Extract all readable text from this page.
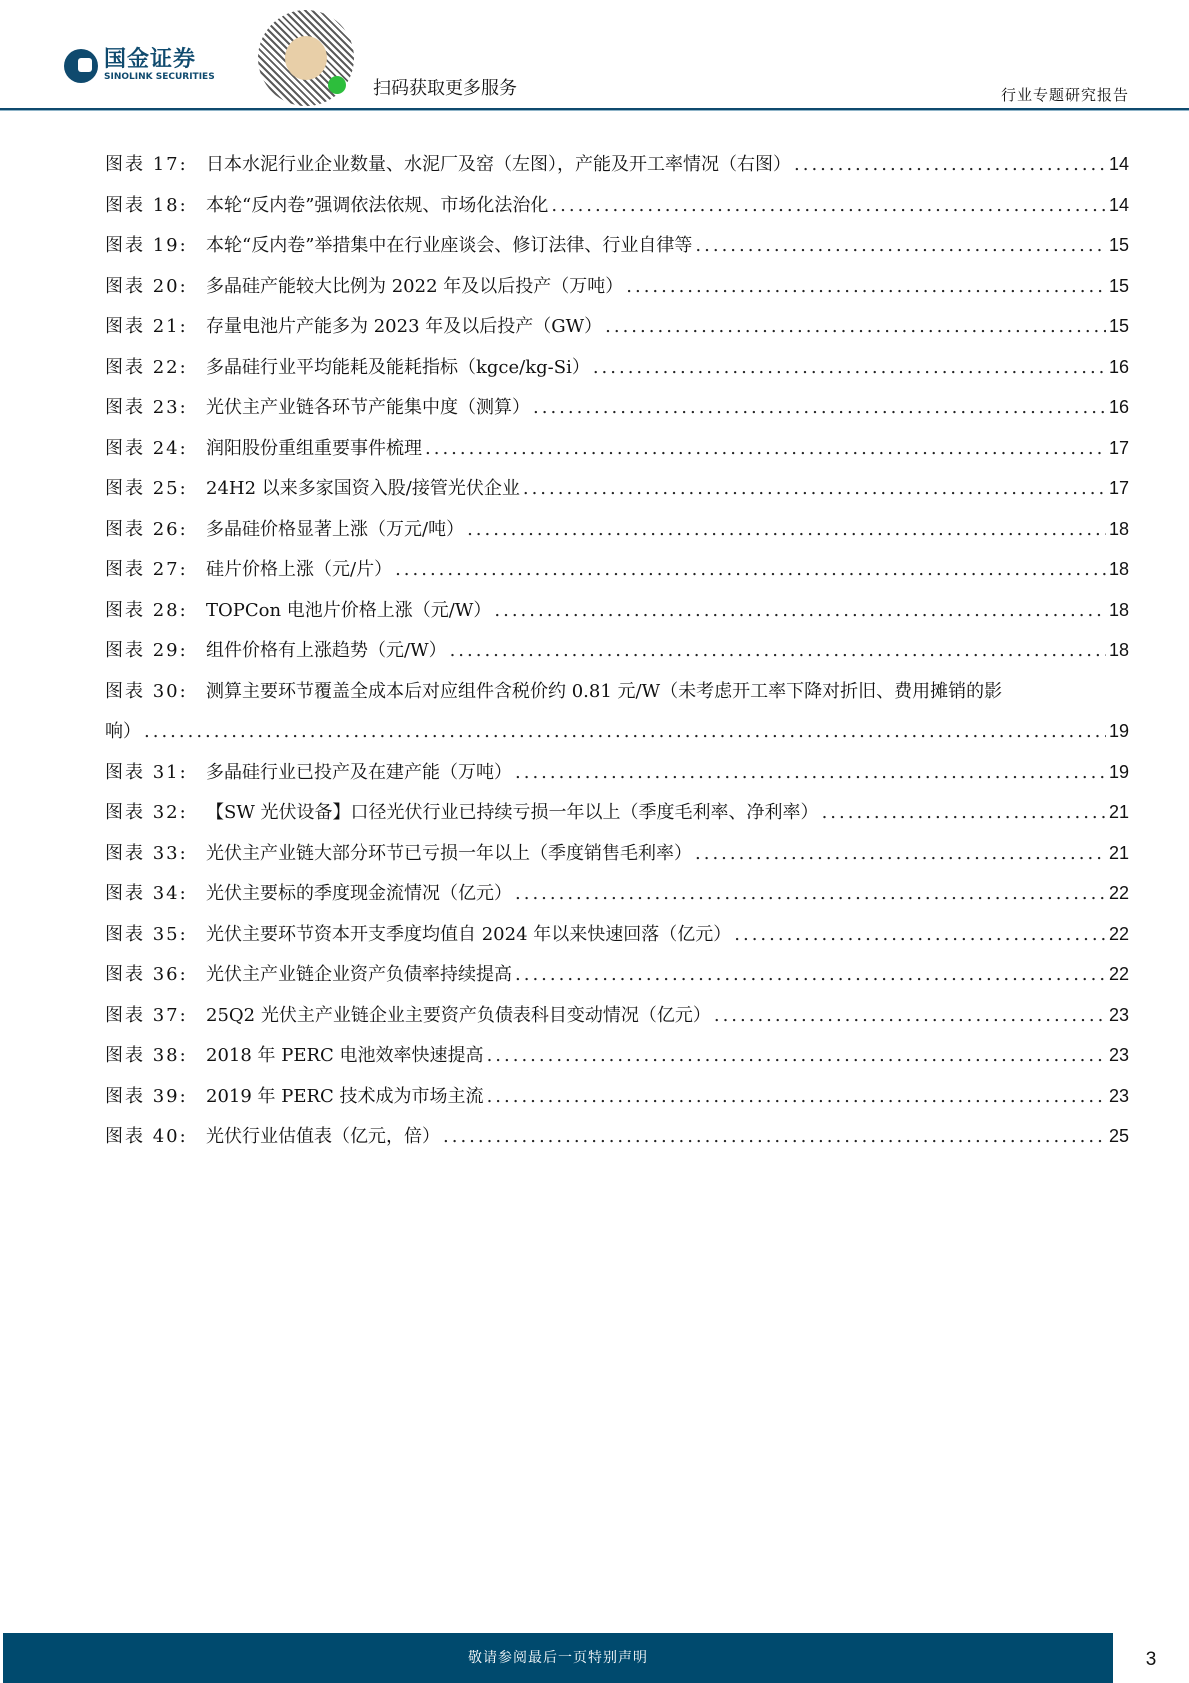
国金证券
SINOLINK SECURITIES
扫码获取更多服务	行业专题研究报告
图表 17:	日本水泥行业企业数量、水泥厂及窑（左图），产能及开工率情况（右图） .....	14
图表 18:	本轮“反内卷”强调依法依规、市场化法治化 .....	14
图表 19:	本轮“反内卷”举措集中在行业座谈会、修订法律、行业自律等 .....	15
图表 20:	多晶硅产能较大比例为 2022 年及以后投产（万吨） .....	15
图表 21:	存量电池片产能多为 2023 年及以后投产（GW） .....	15
图表 22:	多晶硅行业平均能耗及能耗指标（kgce/kg-Si） .....	16
图表 23:	光伏主产业链各环节产能集中度（测算） .....	16
图表 24:	润阳股份重组重要事件梳理 .....	17
图表 25:	24H2 以来多家国资入股/接管光伏企业 .....	17
图表 26:	多晶硅价格显著上涨（万元/吨） .....	18
图表 27:	硅片价格上涨（元/片） .....	18
图表 28:	TOPCon 电池片价格上涨（元/W） .....	18
图表 29:	组件价格有上涨趋势（元/W） .....	18
图表 30:	测算主要环节覆盖全成本后对应组件含税价约 0.81 元/W（未考虑开工率下降对折旧、费用摊销的影
响） .....	19
图表 31:	多晶硅行业已投产及在建产能（万吨） .....	19
图表 32:	【SW 光伏设备】口径光伏行业已持续亏损一年以上（季度毛利率、净利率） .....	21
图表 33:	光伏主产业链大部分环节已亏损一年以上（季度销售毛利率） .....	21
图表 34:	光伏主要标的季度现金流情况（亿元） .....	22
图表 35:	光伏主要环节资本开支季度均值自 2024 年以来快速回落（亿元） .....	22
图表 36:	光伏主产业链企业资产负债率持续提高 .....	22
图表 37:	25Q2 光伏主产业链企业主要资产负债表科目变动情况（亿元） .....	23
图表 38:	2018 年 PERC 电池效率快速提高 .....	23
图表 39:	2019 年 PERC 技术成为市场主流 .....	23
图表 40:	光伏行业估值表（亿元，倍） .....	25
敬请参阅最后一页特别声明	3
